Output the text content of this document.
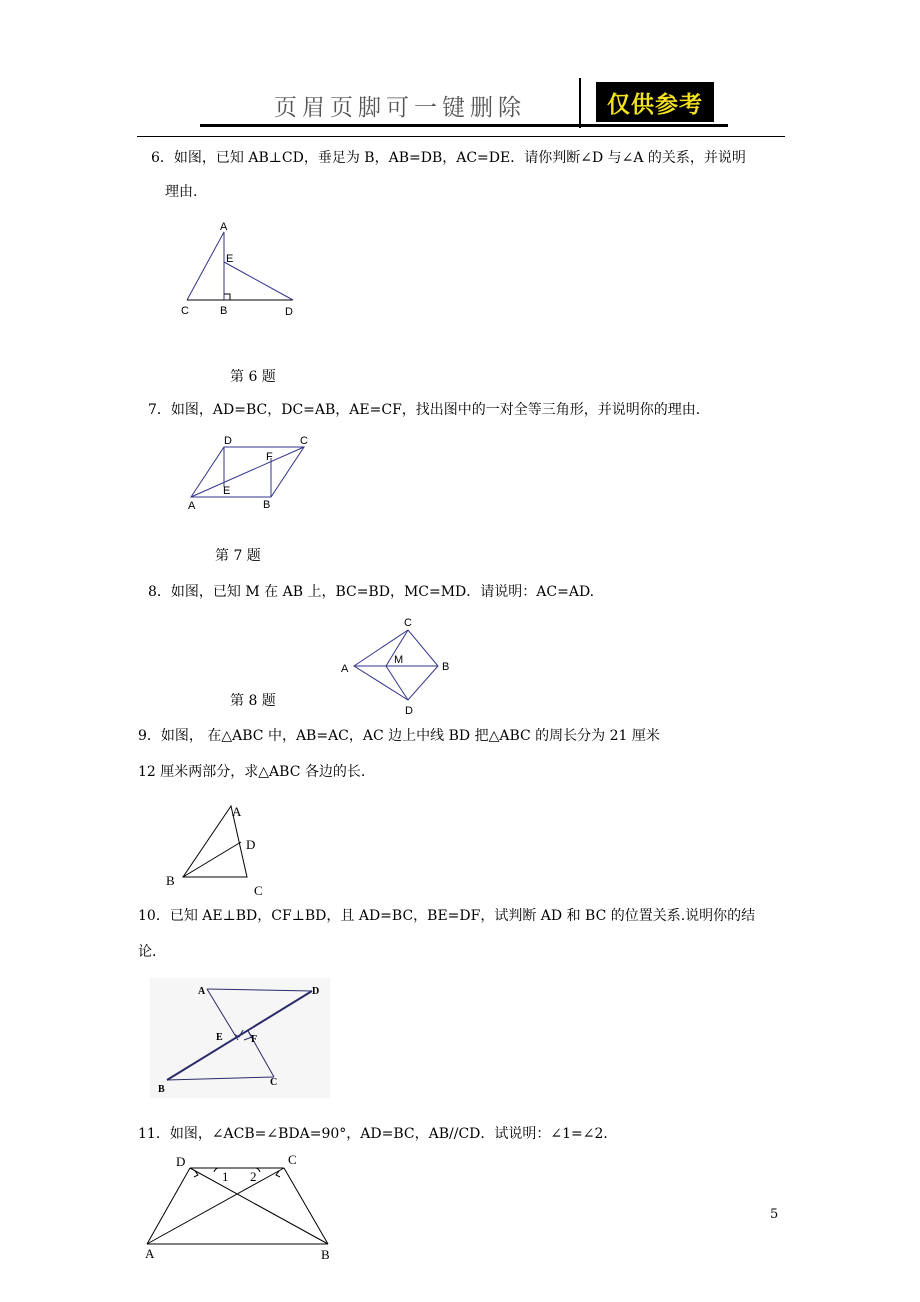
页眉页脚可一键删除	仅供参考
6．如图，已知 AB⊥CD，垂足为 B，AB=DB，AC=DE．请你判断∠D 与∠A 的关系，并说明
理由.
A
E
C	B	D
第 6 题
7．如图，AD=BC，DC=AB，AE=CF，找出图中的一对全等三角形，并说明你的理由．
D	C
F
E
A	B
第 7 题
8．如图，已知 M 在 AB 上，BC=BD，MC=MD．请说明：AC=AD.
C
M
A	B
D
第 8 题
9．如图， 在△ABC 中，AB=AC，AC 边上中线 BD 把△ABC 的周长分为 21 厘米
12 厘米两部分，求△ABC 各边的长.
A
D
B
C
10．已知 AE⊥BD，CF⊥BD，且 AD=BC，BE=DF，试判断 AD 和 BC 的位置关系.说明你的结
论．
A	D
E	F
B
C
11．如图，∠ACB=∠BDA=90°，AD=BC，AB//CD．试说明：∠1=∠2．
D	C
1 2
A	B
5
